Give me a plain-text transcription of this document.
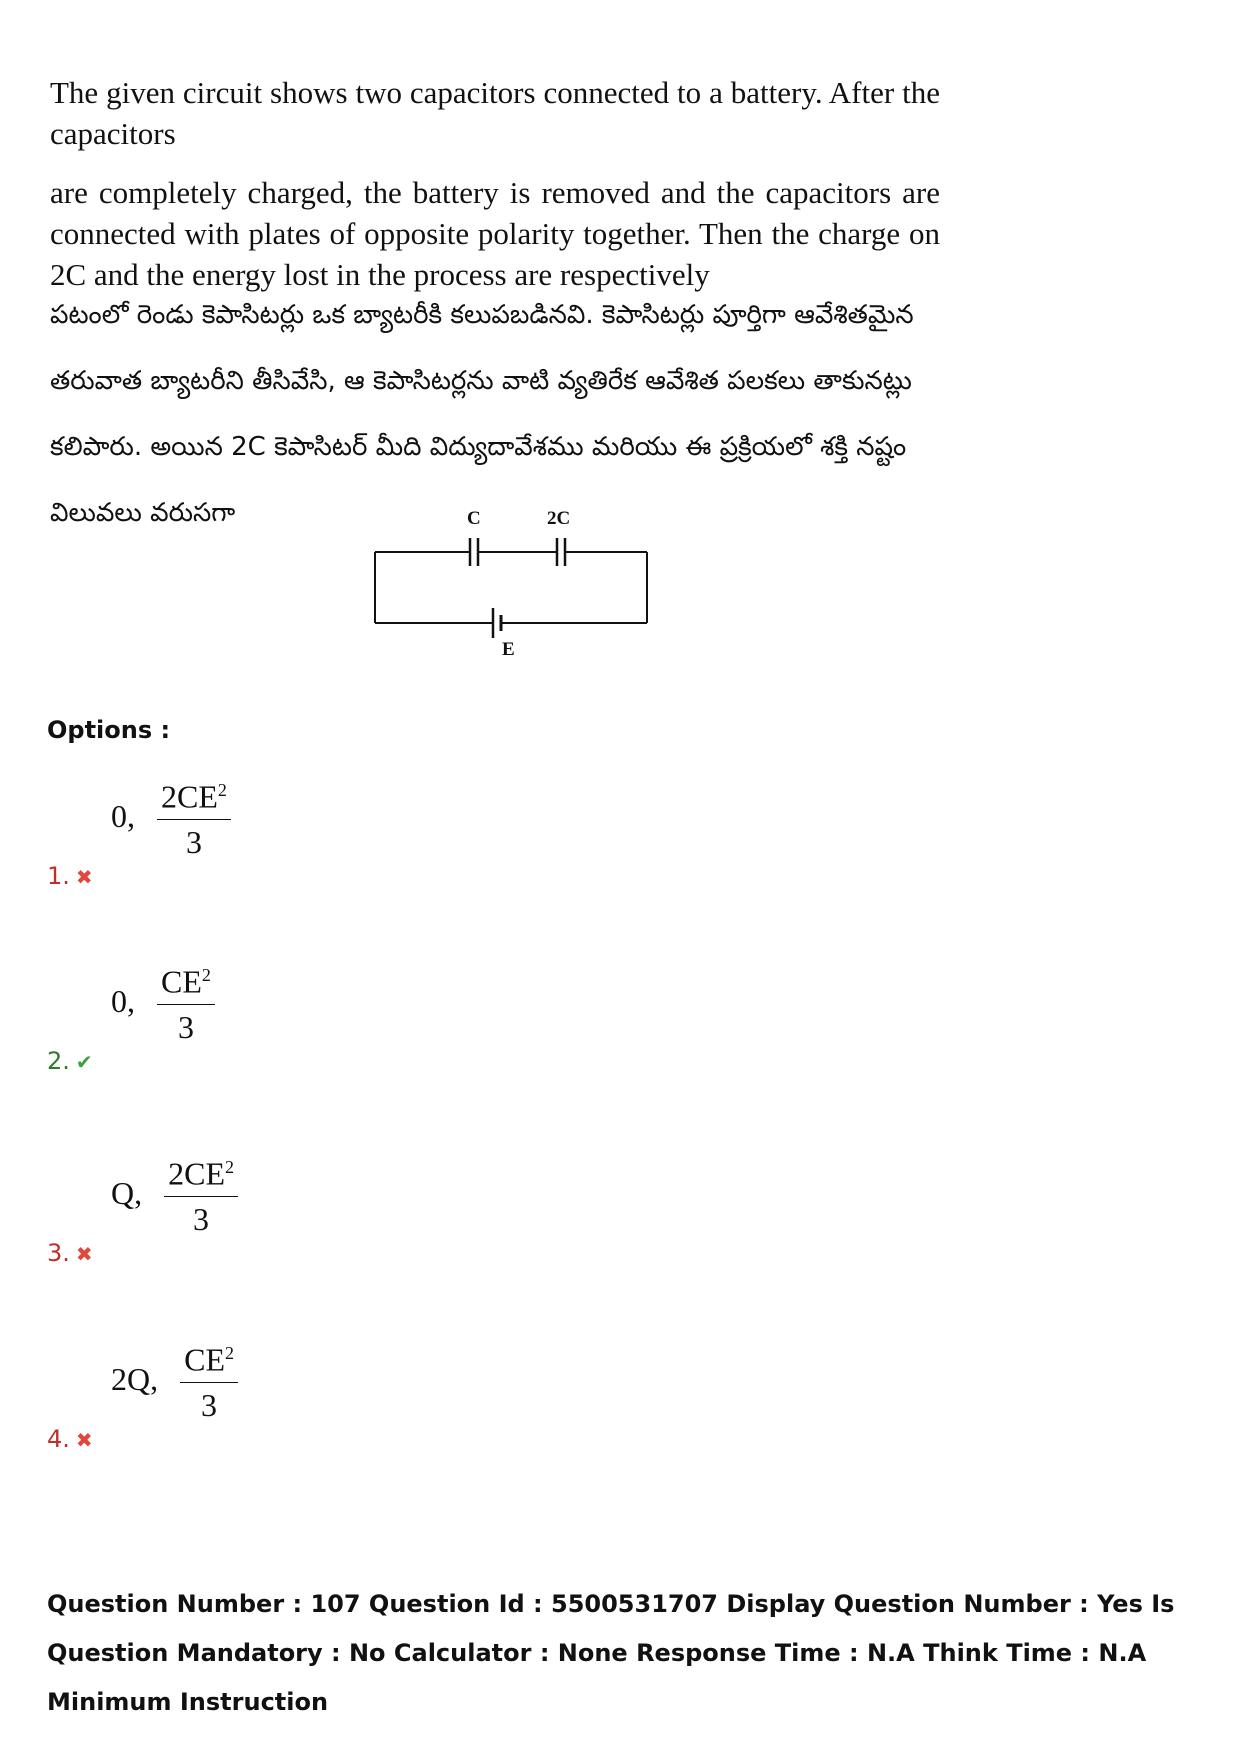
The given circuit shows two capacitors connected to a battery. After the capacitors
are completely charged, the battery is removed and the capacitors are connected with plates of opposite polarity together. Then the charge on 2C and the energy lost in the process are respectively

పటంలో రెండు కెపాసిటర్లు ఒక బ్యాటరీకి కలుపబడినవి. కెపాసిటర్లు పూర్తిగా ఆవేశితమైన తరువాత బ్యాటరీని తీసివేసి, ఆ కెపాసిటర్లను వాటి వ్యతిరేక ఆవేశిత పలకలు తాకునట్లు కలిపారు. అయిన 2C కెపాసిటర్ మీది విద్యుదావేశము మరియు ఈ ప్రక్రియలో శక్తి నష్టం విలువలు వరుసగా	C	2C
E
Options :
0, $\frac{2CE^2}{3}$
1. ✖
0, $\frac{CE^2}{3}$
2. ✔
Q, $\frac{2CE^2}{3}$
3. ✖
2Q, $\frac{CE^2}{3}$
4. ✖

Question Number : 107 Question Id : 5500531707 Display Question Number : Yes Is Question Mandatory : No Calculator : None Response Time : N.A Think Time : N.A Minimum Instruction
